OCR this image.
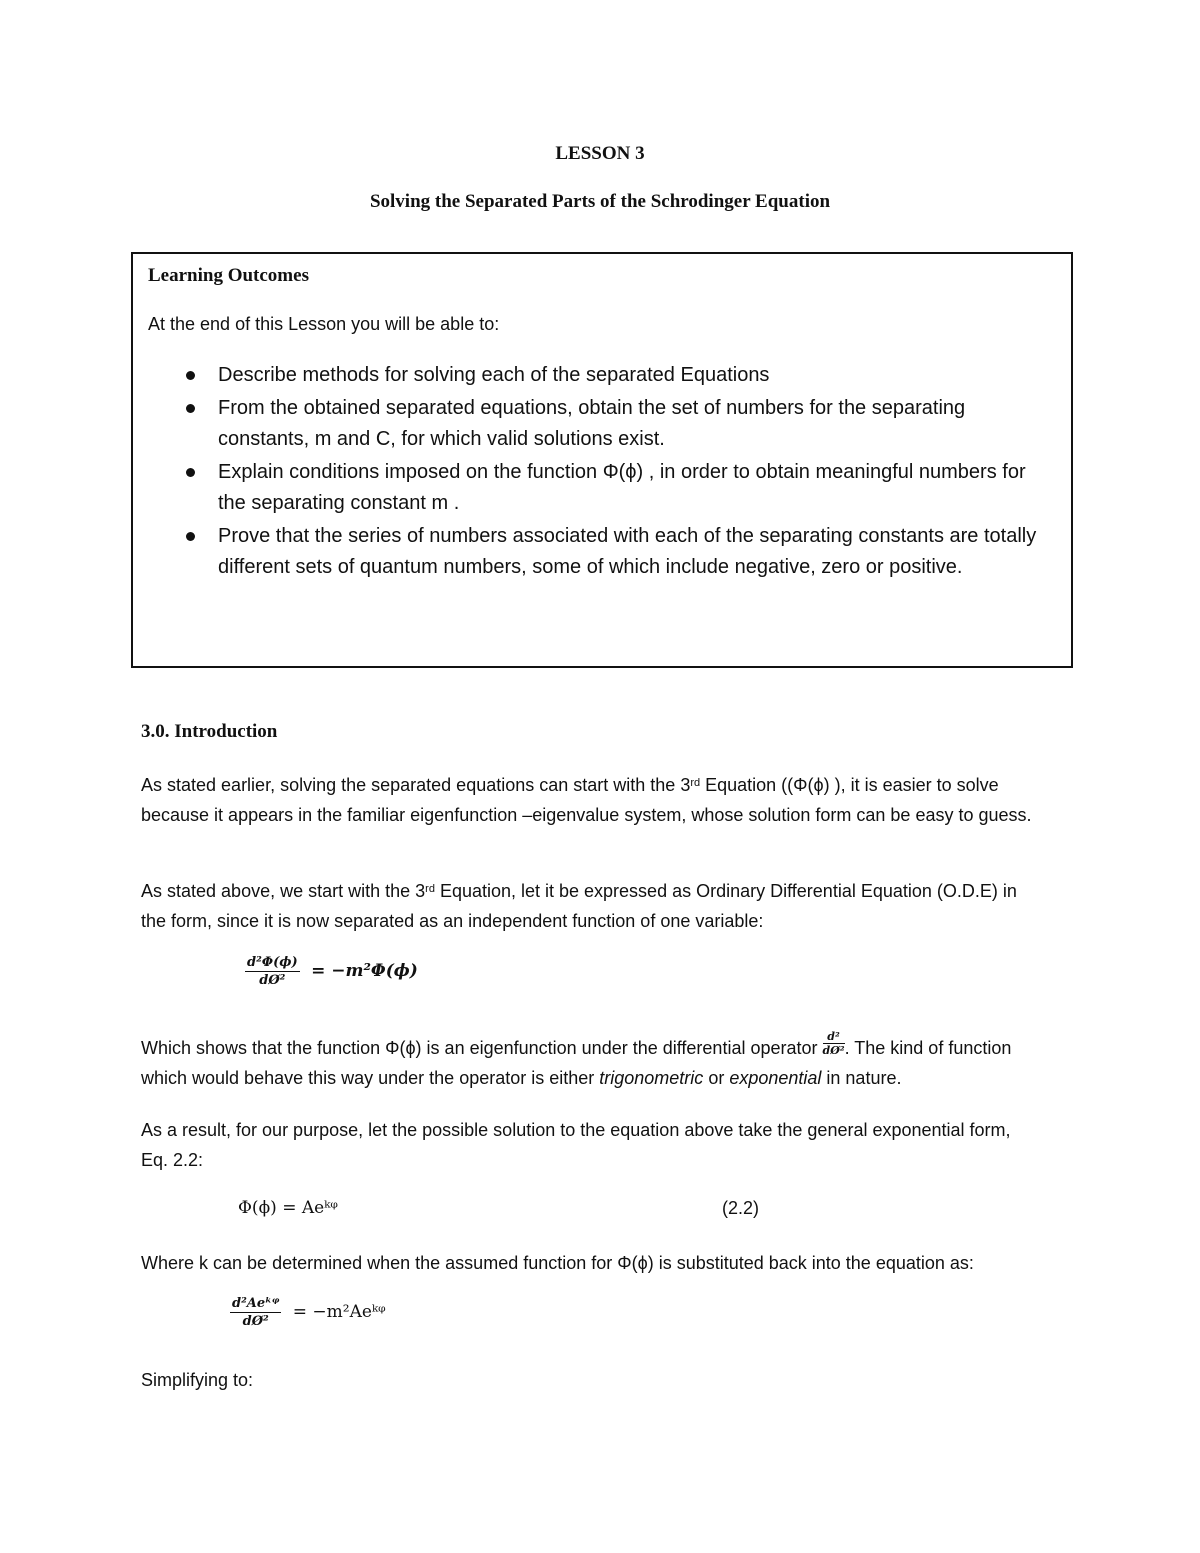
LESSON 3
Solving the Separated Parts of the Schrodinger Equation
Learning Outcomes
At the end of this Lesson you will be able to:
Describe methods for solving each of the separated Equations
From the obtained separated equations, obtain the set of numbers for the separating constants, m and C, for which valid solutions exist.
Explain conditions imposed on the function Φ(ϕ) , in order to obtain meaningful numbers for the separating constant m .
Prove that the series of numbers associated with each of the separating constants are totally different sets of quantum numbers, some of which include negative, zero or positive.
3.0. Introduction
As stated earlier, solving the separated equations can start with the 3rd Equation ((Φ(ϕ) ), it is easier to solve because it appears in the familiar eigenfunction –eigenvalue system, whose solution form can be easy to guess.
As stated above, we start with the 3rd Equation, let it be expressed as Ordinary Differential Equation (O.D.E) in the form, since it is now separated as an independent function of one variable:
$\frac{\text{d²Φ(ϕ)}}{\text{dØ²}} = -m^2\Phi(\phi)$
Which shows that the function Φ(ϕ) is an eigenfunction under the differential operator $\frac{\text{d²}}{\text{dØ²}}$ . The kind of function which would behave this way under the operator is either trigonometric or exponential in nature.
As a result, for our purpose, let the possible solution to the equation above take the general exponential form, Eq. 2.2:
Φ(ϕ) = Aeᵏᵠ	(2.2)
Where k can be determined when the assumed function for Φ(ϕ) is substituted back into the equation as:
$\frac{\text{d²Aeᵏᵠ}}{\text{dØ²}}$ = −m²Aeᵏᵠ
Simplifying to:
